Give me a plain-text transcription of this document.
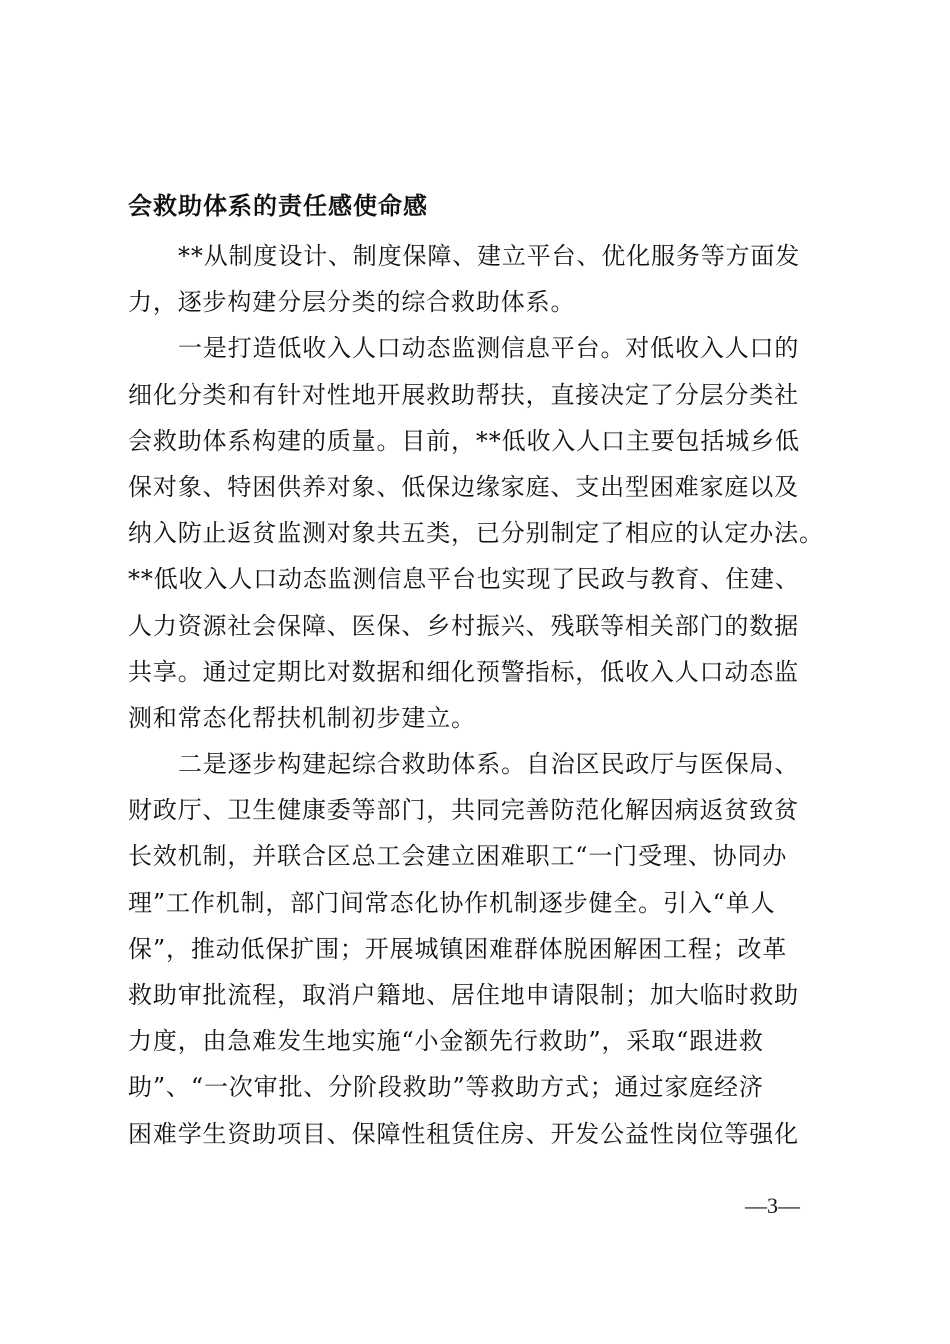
会救助体系的责任感使命感
**从制度设计、制度保障、建立平台、优化服务等方面发
力，逐步构建分层分类的综合救助体系。
一是打造低收入人口动态监测信息平台。对低收入人口的
细化分类和有针对性地开展救助帮扶，直接决定了分层分类社
会救助体系构建的质量。目前，**低收入人口主要包括城乡低
保对象、特困供养对象、低保边缘家庭、支出型困难家庭以及
纳入防止返贫监测对象共五类，已分别制定了相应的认定办法。
**低收入人口动态监测信息平台也实现了民政与教育、住建、
人力资源社会保障、医保、乡村振兴、残联等相关部门的数据
共享。通过定期比对数据和细化预警指标，低收入人口动态监
测和常态化帮扶机制初步建立。
二是逐步构建起综合救助体系。自治区民政厅与医保局、
财政厅、卫生健康委等部门，共同完善防范化解因病返贫致贫
长效机制，并联合区总工会建立困难职工“一门受理、协同办
理”工作机制，部门间常态化协作机制逐步健全。引入“单人
保”，推动低保扩围；开展城镇困难群体脱困解困工程；改革
救助审批流程，取消户籍地、居住地申请限制；加大临时救助
力度，由急难发生地实施“小金额先行救助”，采取“跟进救
助”、“一次审批、分阶段救助”等救助方式；通过家庭经济
困难学生资助项目、保障性租赁住房、开发公益性岗位等强化
—3—
